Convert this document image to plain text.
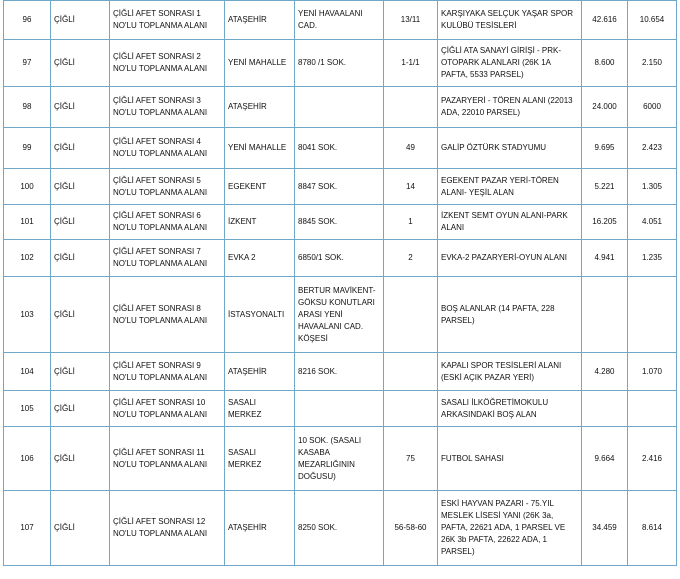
96	ÇİĞLİ	ÇİĞLİ AFET SONRASI 1 NO'LU TOPLANMA ALANI	ATAŞEHİR	YENİ HAVAALANI CAD.	13/11	KARŞIYAKA SELÇUK YAŞAR SPOR KULÜBÜ TESİSLERİ	42.616	10.654
97	ÇİĞLİ	ÇİĞLİ AFET SONRASI 2 NO'LU TOPLANMA ALANI	YENİ MAHALLE	8780 /1 SOK.	1-1/1	ÇİĞLİ ATA SANAYİ GİRİŞİ - PRK-OTOPARK ALANLARI (26K 1A PAFTA, 5533 PARSEL)	8.600	2.150
98	ÇİĞLİ	ÇİĞLİ AFET SONRASI 3 NO'LU TOPLANMA ALANI	ATAŞEHİR			PAZARYERİ - TÖREN ALANI (22013 ADA, 22010 PARSEL)	24.000	6000
99	ÇİĞLİ	ÇİĞLİ AFET SONRASI 4 NO'LU TOPLANMA ALANI	YENİ MAHALLE	8041 SOK.	49	GALİP ÖZTÜRK STADYUMU	9.695	2.423
100	ÇİĞLİ	ÇİĞLİ AFET SONRASI 5 NO'LU TOPLANMA ALANI	EGEKENT	8847 SOK.	14	EGEKENT PAZAR YERİ-TÖREN ALANI- YEŞİL ALAN	5.221	1.305
101	ÇİĞLİ	ÇİĞLİ AFET SONRASI 6 NO'LU TOPLANMA ALANI	İZKENT	8845 SOK.	1	İZKENT SEMT OYUN ALANI-PARK ALANI	16.205	4.051
102	ÇİĞLİ	ÇİĞLİ AFET SONRASI 7 NO'LU TOPLANMA ALANI	EVKA 2	6850/1 SOK.	2	EVKA-2 PAZARYERİ-OYUN ALANI	4.941	1.235
103	ÇİĞLİ	ÇİĞLİ AFET SONRASI 8 NO'LU TOPLANMA ALANI	İSTASYONALTI	BERTUR MAVİKENT-GÖKSU KONUTLARI ARASI YENİ HAVAALANI CAD. KÖŞESİ		BOŞ ALANLAR (14 PAFTA, 228 PARSEL)		
104	ÇİĞLİ	ÇİĞLİ AFET SONRASI 9 NO'LU TOPLANMA ALANI	ATAŞEHİR	8216 SOK.		KAPALI SPOR TESİSLERİ ALANI (ESKİ AÇIK PAZAR YERİ)	4.280	1.070
105	ÇİĞLİ	ÇİĞLİ AFET SONRASI 10 NO'LU TOPLANMA ALANI	SASALI MERKEZ			SASALI İLKÖĞRETİMOKULU ARKASINDAKİ BOŞ ALAN		
106	ÇİĞLİ	ÇİĞLİ AFET SONRASI 11 NO'LU TOPLANMA ALANI	SASALI MERKEZ	10 SOK. (SASALI KASABA MEZARLIĞININ DOĞUSU)	75	FUTBOL SAHASI	9.664	2.416
107	ÇİĞLİ	ÇİĞLİ AFET SONRASI 12 NO'LU TOPLANMA ALANI	ATAŞEHİR	8250 SOK.	56-58-60	ESKİ HAYVAN PAZARI - 75.YIL MESLEK LİSESİ YANI (26K 3a, PAFTA, 22621 ADA, 1 PARSEL VE 26K 3b PAFTA, 22622 ADA, 1 PARSEL)	34.459	8.614
